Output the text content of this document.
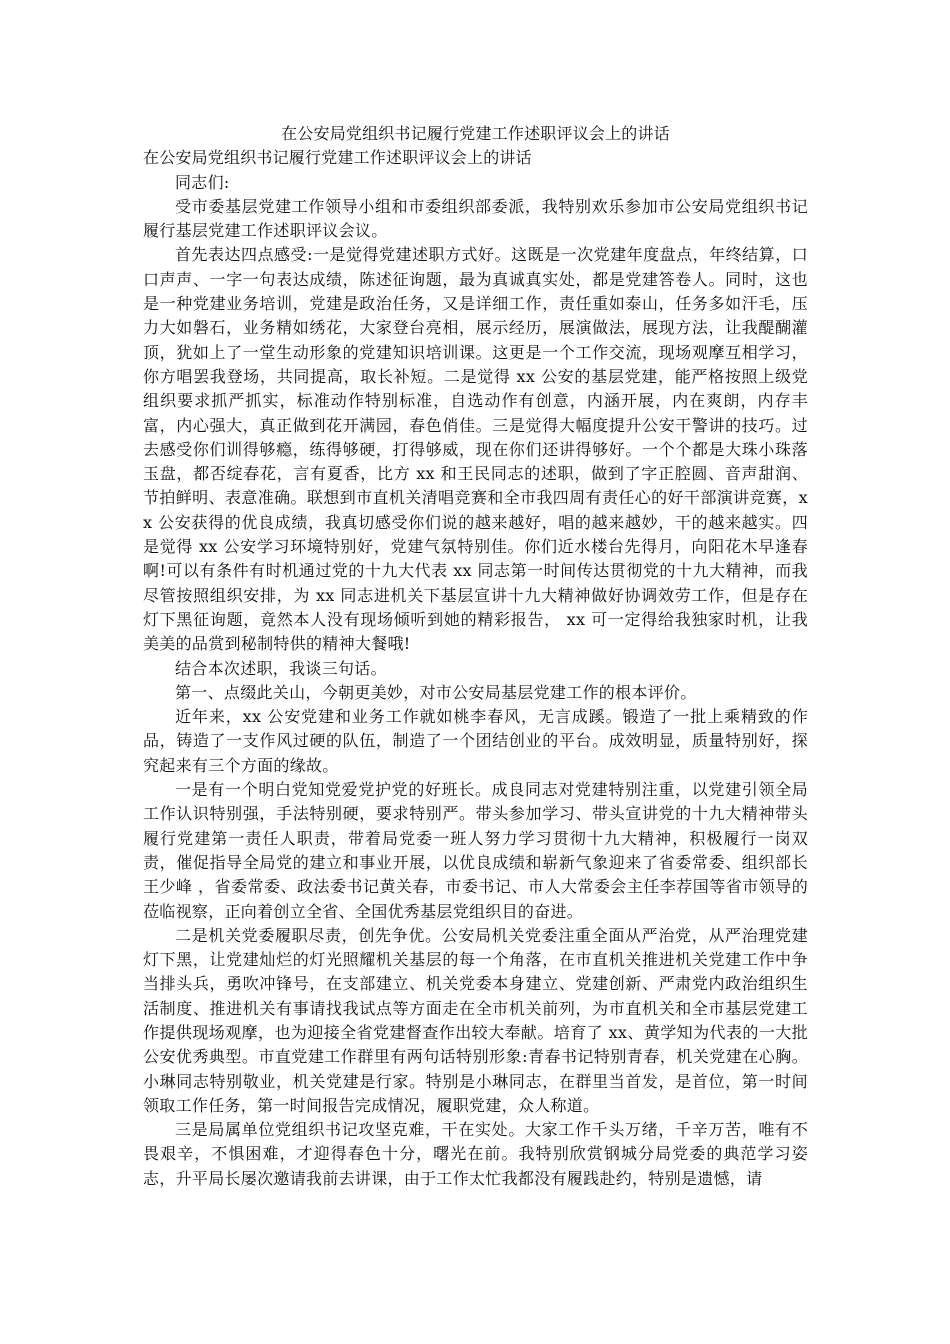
在公安局党组织书记履行党建工作述职评议会上的讲话
在公安局党组织书记履行党建工作述职评议会上的讲话

同志们:

受市委基层党建工作领导小组和市委组织部委派，我特别欢乐参加市公安局党组织书记履行基层党建工作述职评议会议。

首先表达四点感受:一是觉得党建述职方式好。这既是一次党建年度盘点，年终结算，口口声声、一字一句表达成绩，陈述征询题，最为真诚真实处，都是党建答卷人。同时，这也是一种党建业务培训，党建是政治任务，又是详细工作，责任重如泰山，任务多如汗毛，压力大如磐石，业务精如绣花，大家登台亮相，展示经历，展演做法，展现方法，让我醍醐灌顶，犹如上了一堂生动形象的党建知识培训课。这更是一个工作交流，现场观摩互相学习，你方唱罢我登场，共同提高，取长补短。二是觉得 xx 公安的基层党建，能严格按照上级党组织要求抓严抓实，标准动作特别标准，自选动作有创意，内涵开展，内在爽朗，内存丰富，内心强大，真正做到花开满园，春色俏佳。三是觉得大幅度提升公安干警讲的技巧。过去感受你们训得够瘾，练得够硬，打得够威，现在你们还讲得够好。一个个都是大珠小珠落玉盘，都否绽春花，言有夏香，比方 xx 和王民同志的述职，做到了字正腔圆、音声甜润、节拍鲜明、表意准确。联想到市直机关清唱竞赛和全市我四周有责任心的好干部演讲竞赛，xx 公安获得的优良成绩，我真切感受你们说的越来越好，唱的越来越妙，干的越来越实。四是觉得 xx 公安学习环境特别好，党建气氛特别佳。你们近水楼台先得月，向阳花木早逢春啊!可以有条件有时机通过党的十九大代表 xx 同志第一时间传达贯彻党的十九大精神，而我尽管按照组织安排，为 xx 同志进机关下基层宣讲十九大精神做好协调效劳工作，但是存在灯下黑征询题，竟然本人没有现场倾听到她的精彩报告， xx 可一定得给我独家时机，让我美美的品赏到秘制特供的精神大餐哦!

结合本次述职，我谈三句话。

第一、点缀此关山，今朝更美妙，对市公安局基层党建工作的根本评价。

近年来，xx 公安党建和业务工作就如桃李春风，无言成蹊。锻造了一批上乘精致的作品，铸造了一支作风过硬的队伍，制造了一个团结创业的平台。成效明显，质量特别好，探究起来有三个方面的缘故。

一是有一个明白党知党爱党护党的好班长。成良同志对党建特别注重，以党建引领全局工作认识特别强，手法特别硬，要求特别严。带头参加学习、带头宣讲党的十九大精神带头履行党建第一责任人职责，带着局党委一班人努力学习贯彻十九大精神，积极履行一岗双责，催促指导全局党的建立和事业开展，以优良成绩和崭新气象迎来了省委常委、组织部长王少峰 ，省委常委、政法委书记黄关春，市委书记、市人大常委会主任李荐国等省市领导的莅临视察，正向着创立全省、全国优秀基层党组织目的奋进。

二是机关党委履职尽责，创先争优。公安局机关党委注重全面从严治党，从严治理党建灯下黑，让党建灿烂的灯光照耀机关基层的每一个角落，在市直机关推进机关党建工作中争当排头兵，勇吹冲锋号，在支部建立、机关党委本身建立、党建创新、严肃党内政治组织生活制度、推进机关有事请找我试点等方面走在全市机关前列，为市直机关和全市基层党建工作提供现场观摩，也为迎接全省党建督查作出较大奉献。培育了 xx、黄学知为代表的一大批公安优秀典型。市直党建工作群里有两句话特别形象:青春书记特别青春，机关党建在心胸。小琳同志特别敬业，机关党建是行家。特别是小琳同志，在群里当首发，是首位，第一时间领取工作任务，第一时间报告完成情况，履职党建，众人称道。

三是局属单位党组织书记攻坚克难，干在实处。大家工作千头万绪，千辛万苦，唯有不畏艰辛，不惧困难，才迎得春色十分，曙光在前。我特别欣赏钢城分局党委的典范学习姿志，升平局长屡次邀请我前去讲课，由于工作太忙我都没有履践赴约，特别是遗憾，请
